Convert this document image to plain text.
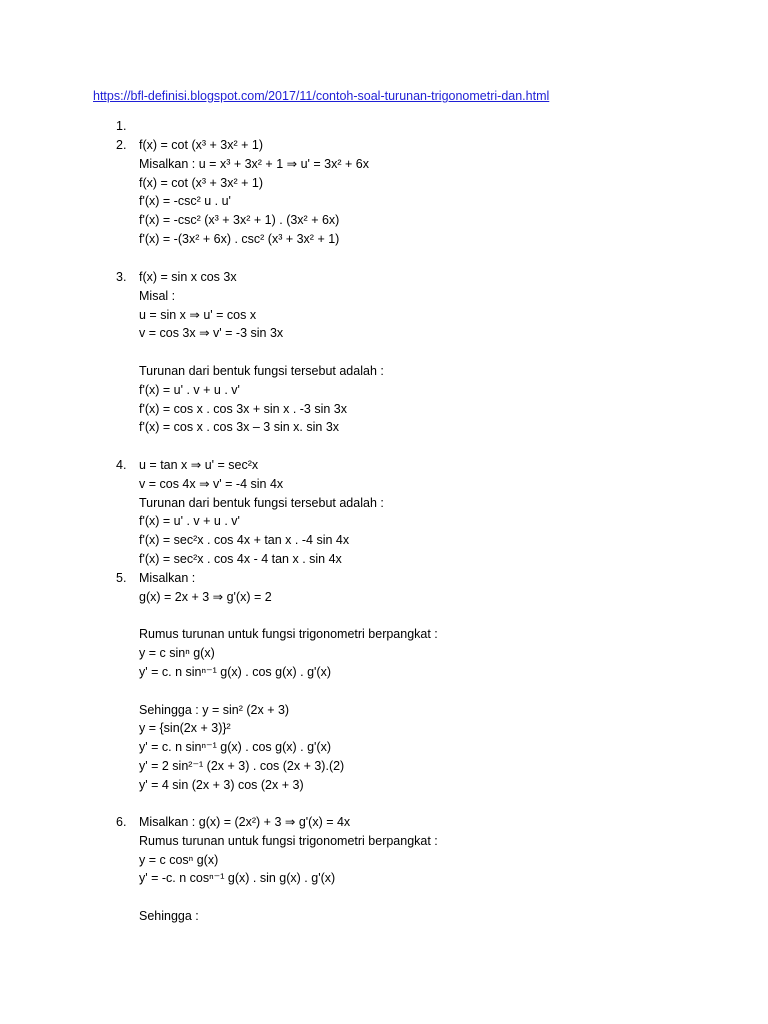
https://bfl-definisi.blogspot.com/2017/11/contoh-soal-turunan-trigonometri-dan.html
1.
2. f(x) = cot (x³ + 3x² + 1)
Misalkan : u = x³ + 3x² + 1 ⇒ u' = 3x² + 6x
f(x) = cot (x³ + 3x² + 1)
f'(x) = -csc² u . u'
f'(x) = -csc² (x³ + 3x² + 1) . (3x² + 6x)
f'(x) = -(3x² + 6x) . csc² (x³ + 3x² + 1)
3. f(x) = sin x cos 3x
Misal :
u = sin x ⇒ u' = cos x
v = cos 3x ⇒ v' = -3 sin 3x
Turunan dari bentuk fungsi tersebut adalah :
f'(x) = u' . v + u . v'
f'(x) = cos x . cos 3x + sin x . -3 sin 3x
f'(x) = cos x . cos 3x – 3 sin x. sin 3x
4. u = tan x ⇒ u' = sec²x
v = cos 4x ⇒ v' = -4 sin 4x
Turunan dari bentuk fungsi tersebut adalah :
f'(x) = u' . v + u . v'
f'(x) = sec²x . cos 4x + tan x . -4 sin 4x
f'(x) = sec²x . cos 4x - 4 tan x . sin 4x
5. Misalkan :
g(x) = 2x + 3 ⇒ g'(x) = 2
Rumus turunan untuk fungsi trigonometri berpangkat :
y = c sinⁿ g(x)
y' = c. n sinⁿ⁻¹ g(x) . cos g(x) . g'(x)
Sehingga : y = sin² (2x + 3)
y = {sin(2x + 3)}²
y' = c. n sinⁿ⁻¹ g(x) . cos g(x) . g'(x)
y' = 2 sin²⁻¹ (2x + 3) . cos (2x + 3).(2)
y' = 4 sin (2x + 3) cos (2x + 3)
6. Misalkan : g(x) = (2x²) + 3 ⇒ g'(x) = 4x
Rumus turunan untuk fungsi trigonometri berpangkat :
y = c cosⁿ g(x)
y' = -c. n cosⁿ⁻¹ g(x) . sin g(x) . g'(x)
Sehingga :
